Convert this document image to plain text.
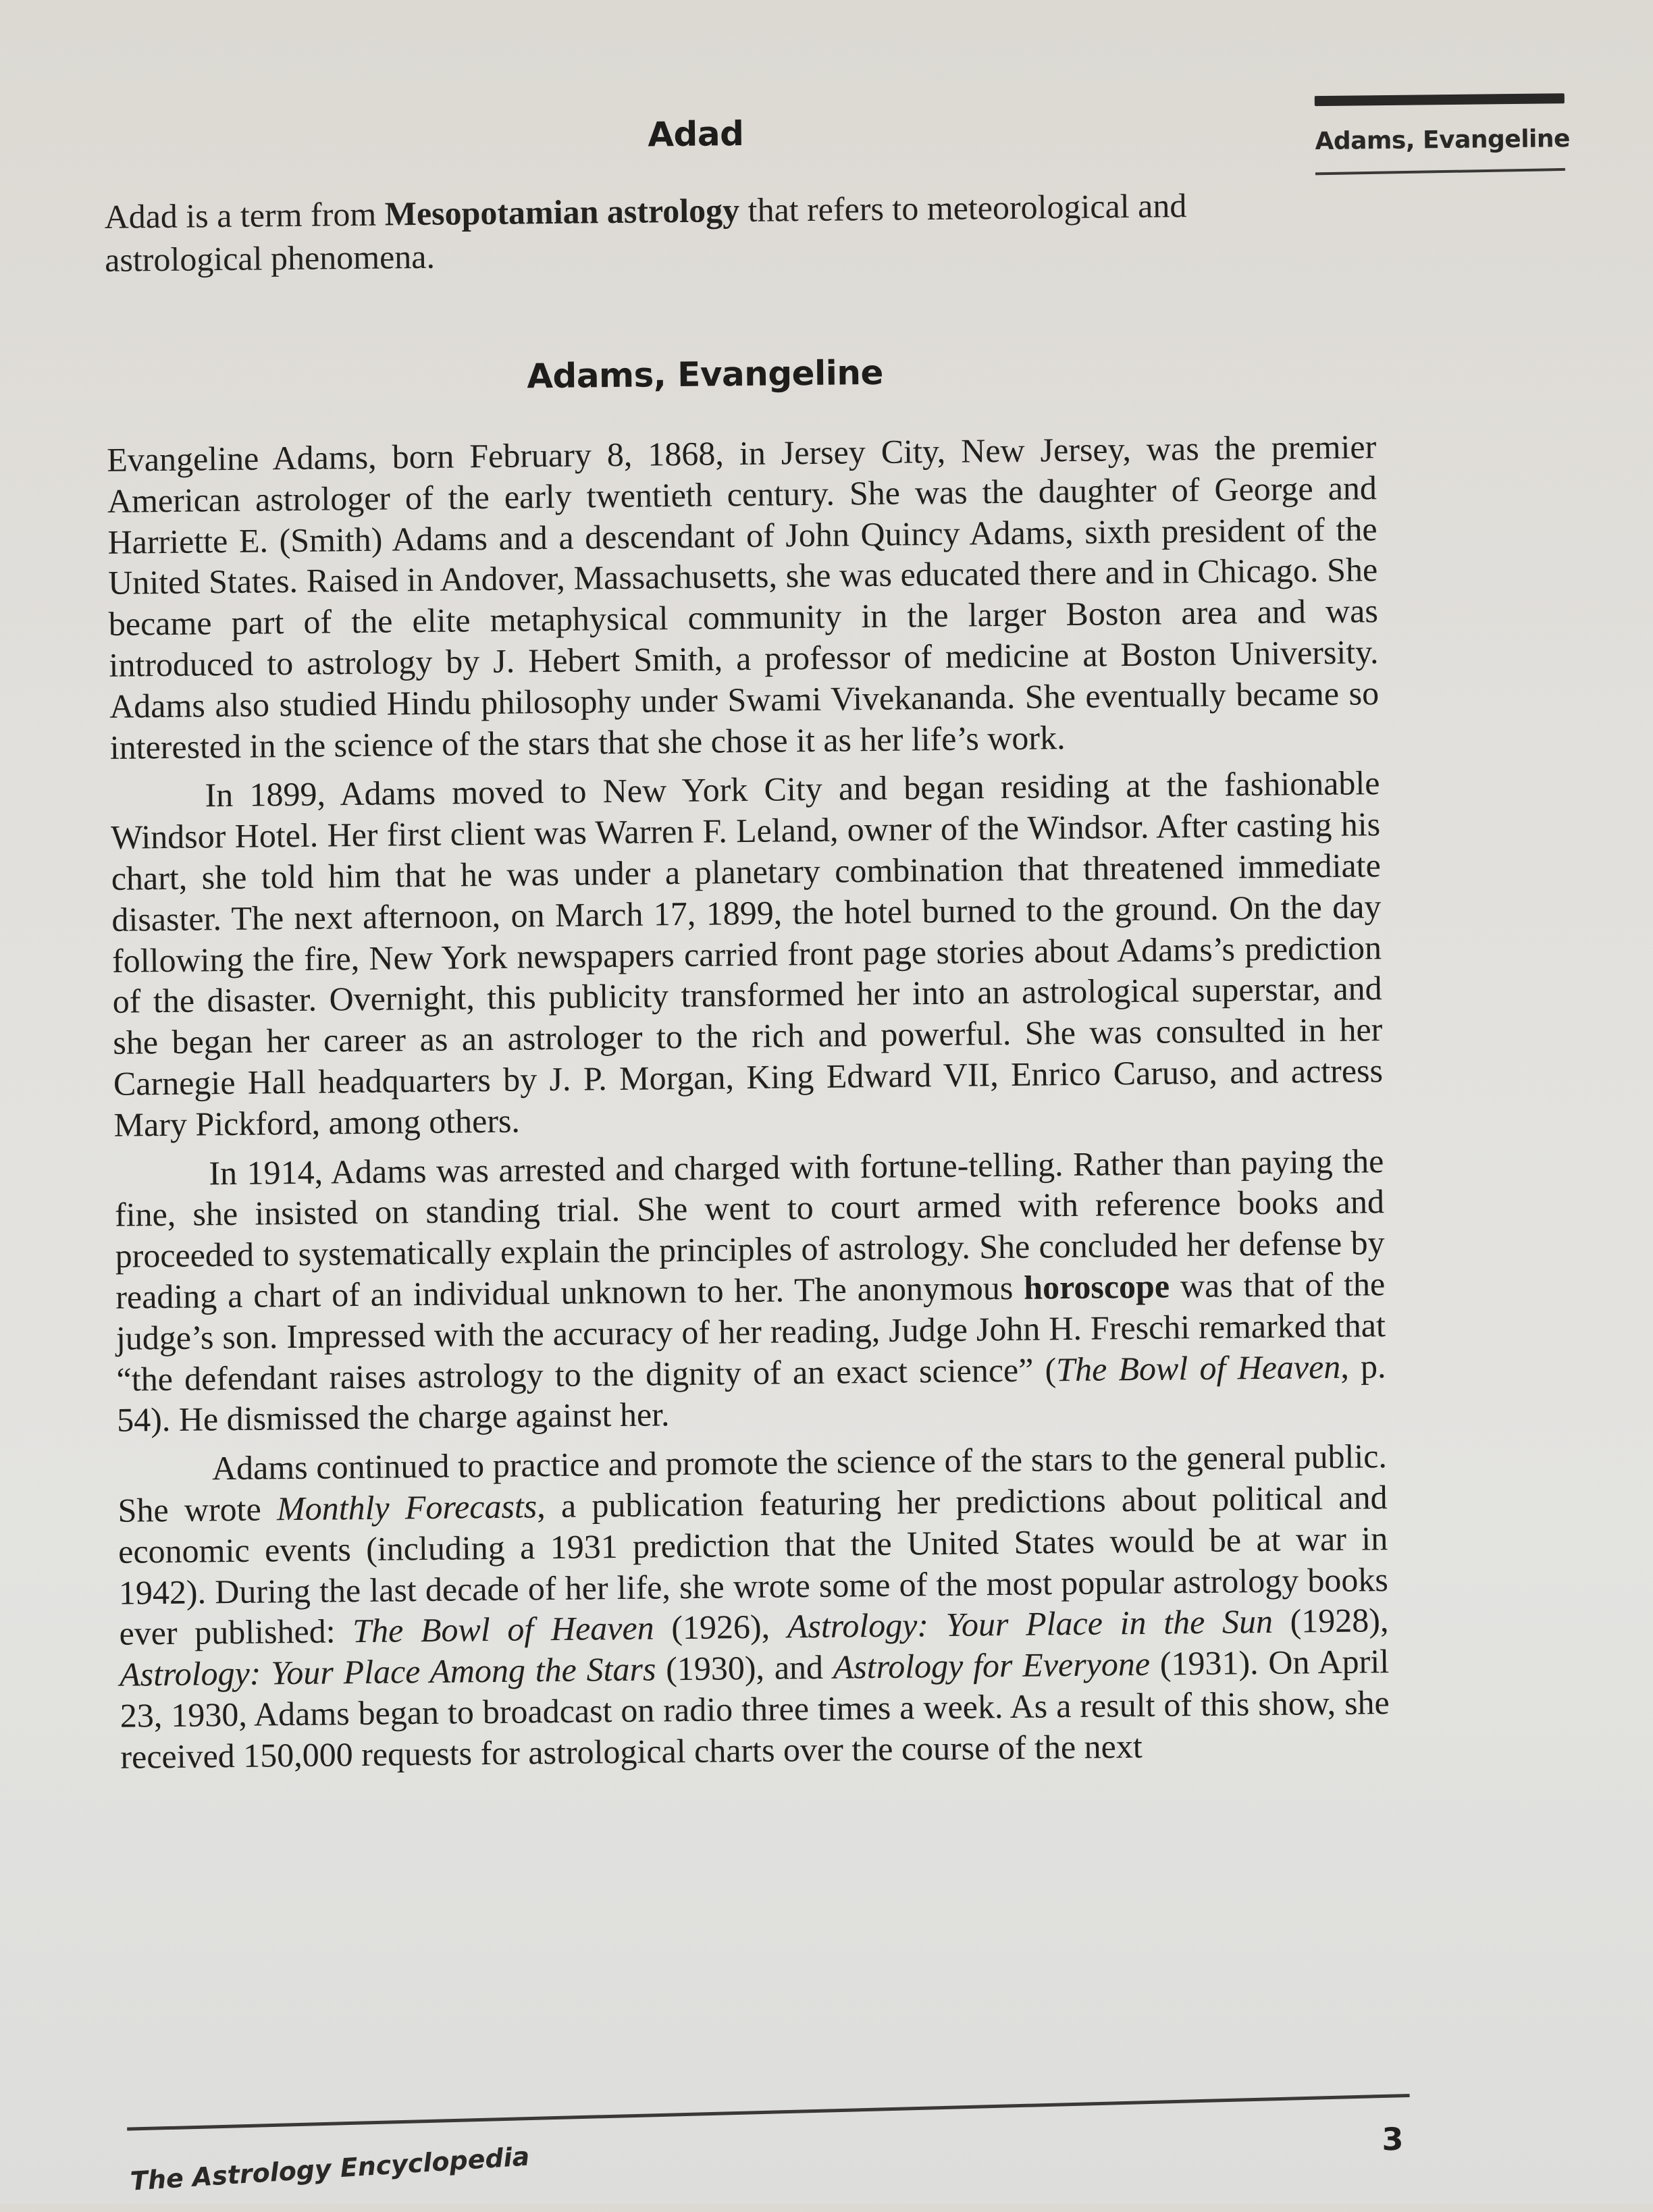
Adams, Evangeline
Adad
Adad is a term from Mesopotamian astrology that refers to meteorological and astrological phenomena.
Adams, Evangeline

Evangeline Adams, born February 8, 1868, in Jersey City, New Jersey, was the premier American astrologer of the early twentieth century. She was the daughter of George and Harriette E. (Smith) Adams and a descendant of John Quincy Adams, sixth president of the United States. Raised in Andover, Massachusetts, she was educated there and in Chicago. She became part of the elite metaphysical community in the larger Boston area and was introduced to astrology by J. Hebert Smith, a professor of medicine at Boston University. Adams also studied Hindu philosophy under Swami Vivekananda. She eventually became so interested in the science of the stars that she chose it as her life’s work.

In 1899, Adams moved to New York City and began residing at the fashionable Windsor Hotel. Her first client was Warren F. Leland, owner of the Windsor. After casting his chart, she told him that he was under a planetary combination that threatened immediate disaster. The next afternoon, on March 17, 1899, the hotel burned to the ground. On the day following the fire, New York newspapers carried front page stories about Adams’s prediction of the disaster. Overnight, this publicity transformed her into an astrological superstar, and she began her career as an astrologer to the rich and powerful. She was consulted in her Carnegie Hall headquarters by J. P. Morgan, King Edward VII, Enrico Caruso, and actress Mary Pickford, among others.

In 1914, Adams was arrested and charged with fortune-telling. Rather than paying the fine, she insisted on standing trial. She went to court armed with reference books and proceeded to systematically explain the principles of astrology. She concluded her defense by reading a chart of an individual unknown to her. The anonymous horoscope was that of the judge’s son. Impressed with the accuracy of her reading, Judge John H. Freschi remarked that “the defendant raises astrology to the dignity of an exact science” (The Bowl of Heaven, p. 54). He dismissed the charge against her.

Adams continued to practice and promote the science of the stars to the general public. She wrote Monthly Forecasts, a publication featuring her predictions about political and economic events (including a 1931 prediction that the United States would be at war in 1942). During the last decade of her life, she wrote some of the most popular astrology books ever published: The Bowl of Heaven (1926), Astrology: Your Place in the Sun (1928), Astrology: Your Place Among the Stars (1930), and Astrology for Everyone (1931). On April 23, 1930, Adams began to broadcast on radio three times a week. As a result of this show, she received 150,000 requests for astrological charts over the course of the next

3
The Astrology Encyclopedia
